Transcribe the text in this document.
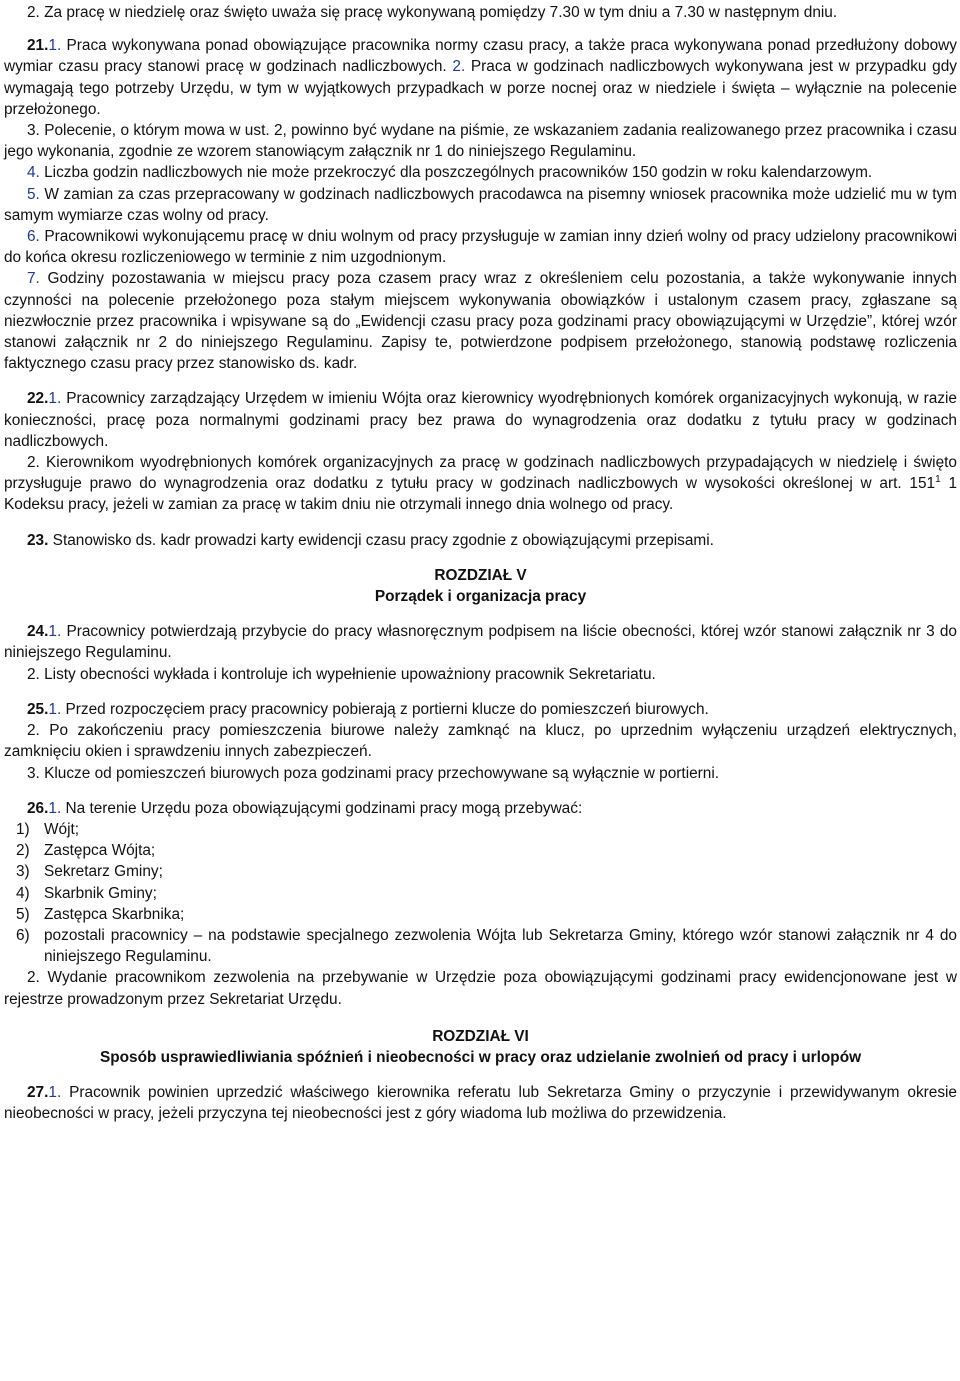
2. Za pracę w niedzielę oraz święto uważa się pracę wykonywaną pomiędzy 7.30 w tym dniu a 7.30 w następnym dniu.

21.1. Praca wykonywana ponad obowiązujące pracownika normy czasu pracy, a także praca wykonywana ponad przedłużony dobowy wymiar czasu pracy stanowi pracę w godzinach nadliczbowych. 2. Praca w godzinach nadliczbowych wykonywana jest w przypadku gdy wymagają tego potrzeby Urzędu, w tym w wyjątkowych przypadkach w porze nocnej oraz w niedziele i święta – wyłącznie na polecenie przełożonego.

3. Polecenie, o którym mowa w ust. 2, powinno być wydane na piśmie, ze wskazaniem zadania realizowanego przez pracownika i czasu jego wykonania, zgodnie ze wzorem stanowiącym załącznik nr 1 do niniejszego Regulaminu.

4. Liczba godzin nadliczbowych nie może przekroczyć dla poszczególnych pracowników 150 godzin w roku kalendarzowym.

5. W zamian za czas przepracowany w godzinach nadliczbowych pracodawca na pisemny wniosek pracownika może udzielić mu w tym samym wymiarze czas wolny od pracy.

6. Pracownikowi wykonującemu pracę w dniu wolnym od pracy przysługuje w zamian inny dzień wolny od pracy udzielony pracownikowi do końca okresu rozliczeniowego w terminie z nim uzgodnionym.

7. Godziny pozostawania w miejscu pracy poza czasem pracy wraz z określeniem celu pozostania, a także wykonywanie innych czynności na polecenie przełożonego poza stałym miejscem wykonywania obowiązków i ustalonym czasem pracy, zgłaszane są niezwłocznie przez pracownika i wpisywane są do „Ewidencji czasu pracy poza godzinami pracy obowiązującymi w Urzędzie”, której wzór stanowi załącznik nr 2 do niniejszego Regulaminu. Zapisy te, potwierdzone podpisem przełożonego, stanowią podstawę rozliczenia faktycznego czasu pracy przez stanowisko ds. kadr.

22.1. Pracownicy zarządzający Urzędem w imieniu Wójta oraz kierownicy wyodrębnionych komórek organizacyjnych wykonują, w razie konieczności, pracę poza normalnymi godzinami pracy bez prawa do wynagrodzenia oraz dodatku z tytułu pracy w godzinach nadliczbowych.

2. Kierownikom wyodrębnionych komórek organizacyjnych za pracę w godzinach nadliczbowych przypadających w niedzielę i święto przysługuje prawo do wynagrodzenia oraz dodatku z tytułu pracy w godzinach nadliczbowych w wysokości określonej w art. $151^1$ 1 Kodeksu pracy, jeżeli w zamian za pracę w takim dniu nie otrzymali innego dnia wolnego od pracy.

23. Stanowisko ds. kadr prowadzi karty ewidencji czasu pracy zgodnie z obowiązującymi przepisami.

ROZDZIAŁ V

Porządek i organizacja pracy

24.1. Pracownicy potwierdzają przybycie do pracy własnoręcznym podpisem na liście obecności, której wzór stanowi załącznik nr 3 do niniejszego Regulaminu.

2. Listy obecności wykłada i kontroluje ich wypełnienie upoważniony pracownik Sekretariatu.

25.1. Przed rozpoczęciem pracy pracownicy pobierają z portierni klucze do pomieszczeń biurowych.

2. Po zakończeniu pracy pomieszczenia biurowe należy zamknąć na klucz, po uprzednim wyłączeniu urządzeń elektrycznych, zamknięciu okien i sprawdzeniu innych zabezpieczeń.

3. Klucze od pomieszczeń biurowych poza godzinami pracy przechowywane są wyłącznie w portierni.

26.1. Na terenie Urzędu poza obowiązującymi godzinami pracy mogą przebywać:

1) Wójt;
2) Zastępca Wójta;
3) Sekretarz Gminy;
4) Skarbnik Gminy;
5) Zastępca Skarbnika;
6) pozostali pracownicy – na podstawie specjalnego zezwolenia Wójta lub Sekretarza Gminy, którego wzór stanowi załącznik nr 4 do niniejszego Regulaminu.

2. Wydanie pracownikom zezwolenia na przebywanie w Urzędzie poza obowiązującymi godzinami pracy ewidencjonowane jest w rejestrze prowadzonym przez Sekretariat Urzędu.

ROZDZIAŁ VI

Sposób usprawiedliwiania spóźnień i nieobecności w pracy oraz udzielanie zwolnień od pracy i urlopów

27.1. Pracownik powinien uprzedzić właściwego kierownika referatu lub Sekretarza Gminy o przyczynie i przewidywanym okresie nieobecności w pracy, jeżeli przyczyna tej nieobecności jest z góry wiadoma lub możliwa do przewidzenia.
